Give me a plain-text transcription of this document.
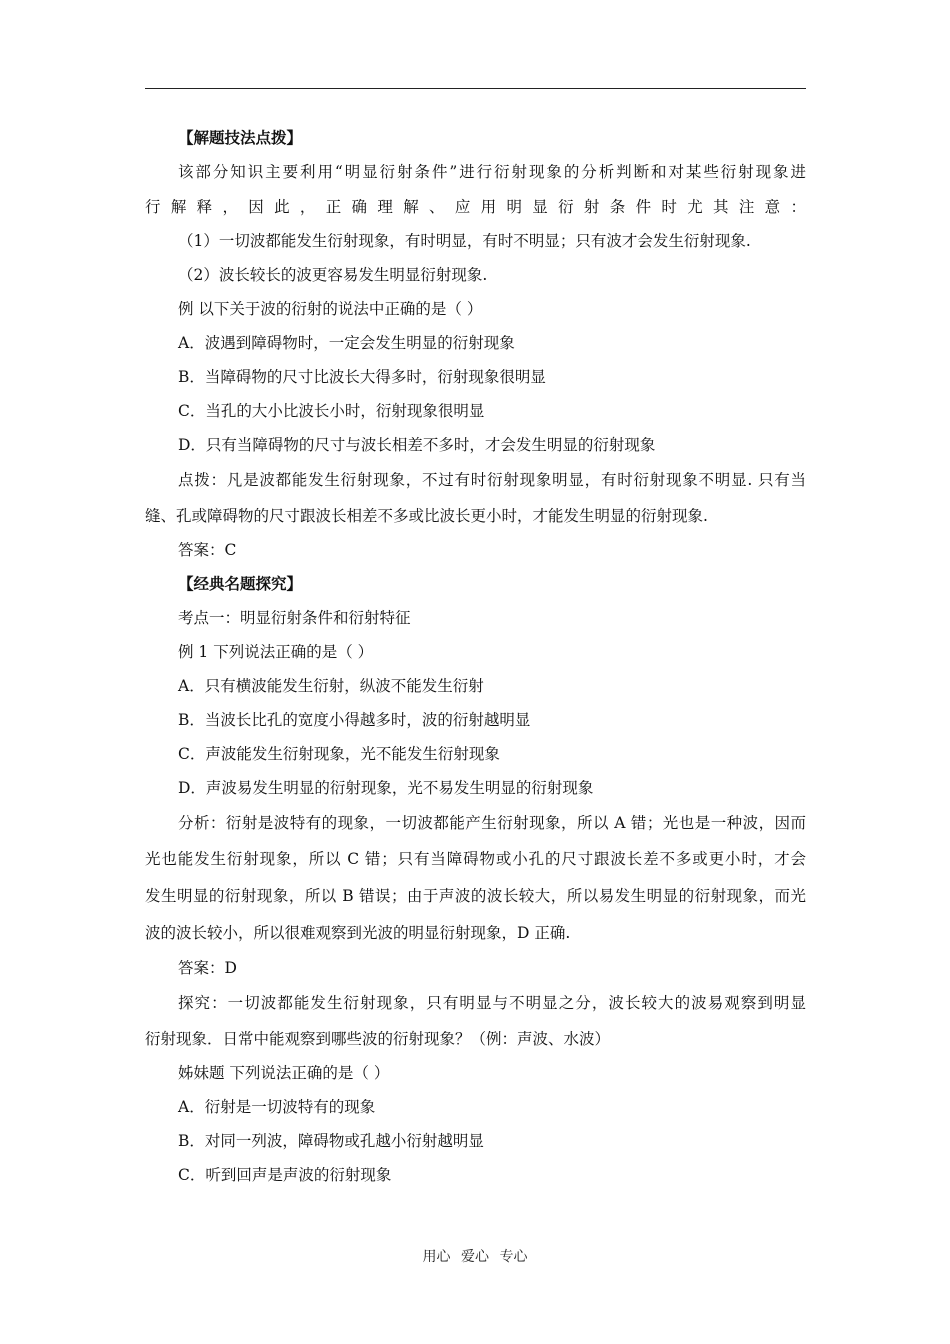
【解题技法点拨】
该部分知识主要利用“明显衍射条件”进行衍射现象的分析判断和对某些衍射现象进
行解释，因此，正确理解、应用明显衍射条件时尤其注意：
（1）一切波都能发生衍射现象，有时明显，有时不明显；只有波才会发生衍射现象.
（2）波长较长的波更容易发生明显衍射现象.
例 以下关于波的衍射的说法中正确的是（ ）
A．波遇到障碍物时，一定会发生明显的衍射现象
B．当障碍物的尺寸比波长大得多时，衍射现象很明显
C．当孔的大小比波长小时，衍射现象很明显
D．只有当障碍物的尺寸与波长相差不多时，才会发生明显的衍射现象
点拨：凡是波都能发生衍射现象，不过有时衍射现象明显，有时衍射现象不明显. 只有当
缝、孔或障碍物的尺寸跟波长相差不多或比波长更小时，才能发生明显的衍射现象.
答案：C
【经典名题探究】
考点一：明显衍射条件和衍射特征
例 1 下列说法正确的是（ ）
A．只有横波能发生衍射，纵波不能发生衍射
B．当波长比孔的宽度小得越多时，波的衍射越明显
C．声波能发生衍射现象，光不能发生衍射现象
D．声波易发生明显的衍射现象，光不易发生明显的衍射现象
分析：衍射是波特有的现象，一切波都能产生衍射现象，所以 A 错；光也是一种波，因而
光也能发生衍射现象，所以 C 错；只有当障碍物或小孔的尺寸跟波长差不多或更小时，才会
发生明显的衍射现象，所以 B 错误；由于声波的波长较大，所以易发生明显的衍射现象，而光
波的波长较小，所以很难观察到光波的明显衍射现象，D 正确.
答案：D
探究：一切波都能发生衍射现象，只有明显与不明显之分，波长较大的波易观察到明显
衍射现象．日常中能观察到哪些波的衍射现象？（例：声波、水波）
姊妹题 下列说法正确的是（ ）
A．衍射是一切波特有的现象
B．对同一列波，障碍物或孔越小衍射越明显
C．听到回声是声波的衍射现象
用心 爱心 专心
